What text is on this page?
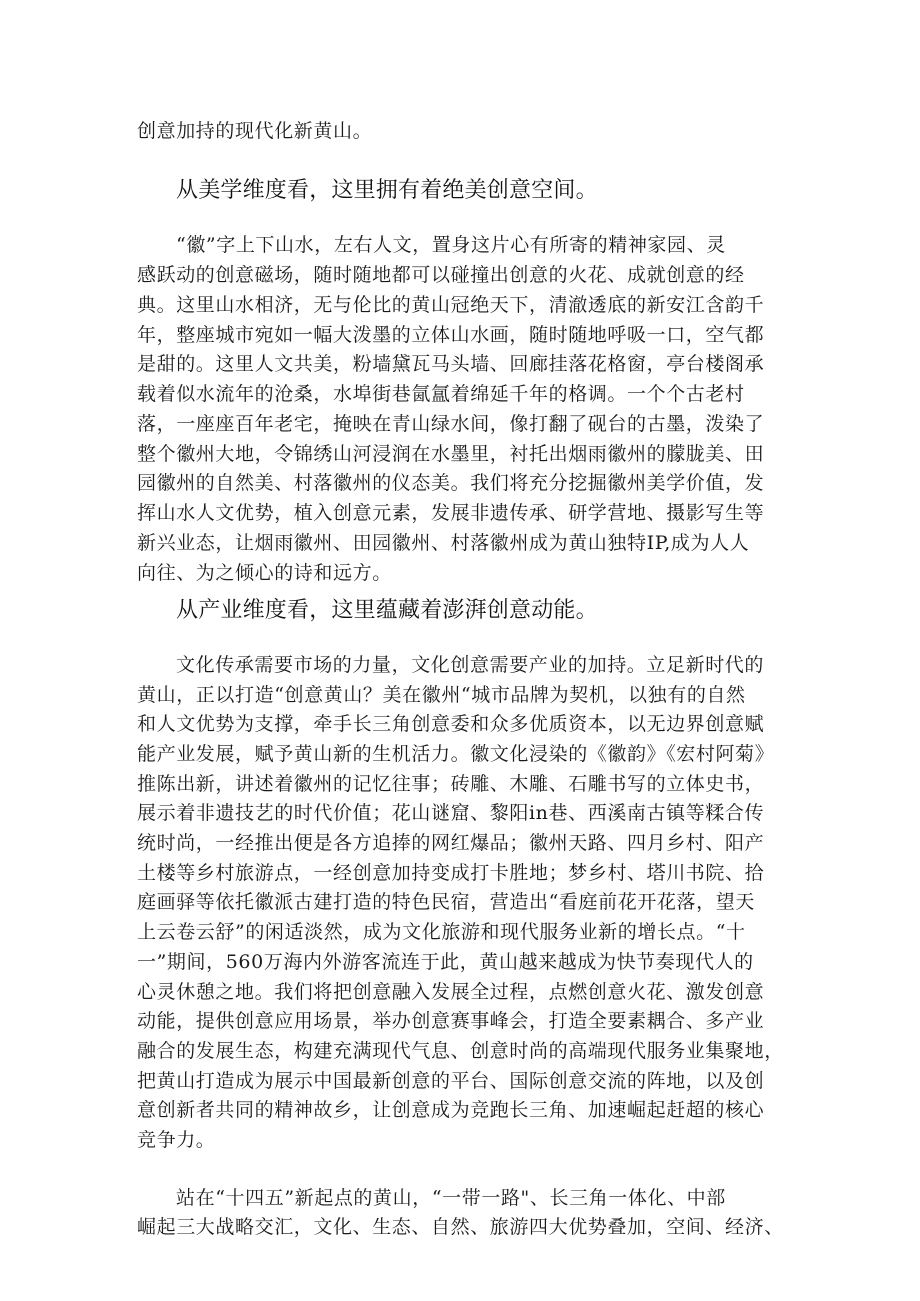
创意加持的现代化新黄山。
从美学维度看，这里拥有着绝美创意空间。
“徽”字上下山水，左右人文，置身这片心有所寄的精神家园、灵
感跃动的创意磁场，随时随地都可以碰撞出创意的火花、成就创意的经
典。这里山水相济，无与伦比的黄山冠绝天下，清澈透底的新安江含韵千
年，整座城市宛如一幅大泼墨的立体山水画，随时随地呼吸一口，空气都
是甜的。这里人文共美，粉墙黛瓦马头墙、回廊挂落花格窗，亭台楼阁承
载着似水流年的沧桑，水埠街巷氤氲着绵延千年的格调。一个个古老村
落，一座座百年老宅，掩映在青山绿水间，像打翻了砚台的古墨，泼染了
整个徽州大地，令锦绣山河浸润在水墨里，衬托出烟雨徽州的朦胧美、田
园徽州的自然美、村落徽州的仪态美。我们将充分挖掘徽州美学价值，发
挥山水人文优势，植入创意元素，发展非遗传承、研学营地、摄影写生等
新兴业态，让烟雨徽州、田园徽州、村落徽州成为黄山独特IP,成为人人
向往、为之倾心的诗和远方。
从产业维度看，这里蕴藏着澎湃创意动能。
文化传承需要市场的力量，文化创意需要产业的加持。立足新时代的
黄山，正以打造“创意黄山？美在徽州“城市品牌为契机，以独有的自然
和人文优势为支撑，牵手长三角创意委和众多优质资本，以无边界创意赋
能产业发展，赋予黄山新的生机活力。徽文化浸染的《徽韵》《宏村阿菊》
推陈出新，讲述着徽州的记忆往事；砖雕、木雕、石雕书写的立体史书，
展示着非遗技艺的时代价值；花山谜窟、黎阳in巷、西溪南古镇等糅合传
统时尚，一经推出便是各方追捧的网红爆品；徽州天路、四月乡村、阳产
土楼等乡村旅游点，一经创意加持变成打卡胜地；梦乡村、塔川书院、拾
庭画驿等依托徽派古建打造的特色民宿，营造出“看庭前花开花落，望天
上云卷云舒”的闲适淡然，成为文化旅游和现代服务业新的增长点。“十
一”期间，560万海内外游客流连于此，黄山越来越成为快节奏现代人的
心灵休憩之地。我们将把创意融入发展全过程，点燃创意火花、激发创意
动能，提供创意应用场景，举办创意赛事峰会，打造全要素耦合、多产业
融合的发展生态，构建充满现代气息、创意时尚的高端现代服务业集聚地，
把黄山打造成为展示中国最新创意的平台、国际创意交流的阵地，以及创
意创新者共同的精神故乡，让创意成为竞跑长三角、加速崛起赶超的核心
竞争力。
站在“十四五”新起点的黄山，“一带一路"、长三角一体化、中部
崛起三大战略交汇，文化、生态、自然、旅游四大优势叠加，空间、经济、
